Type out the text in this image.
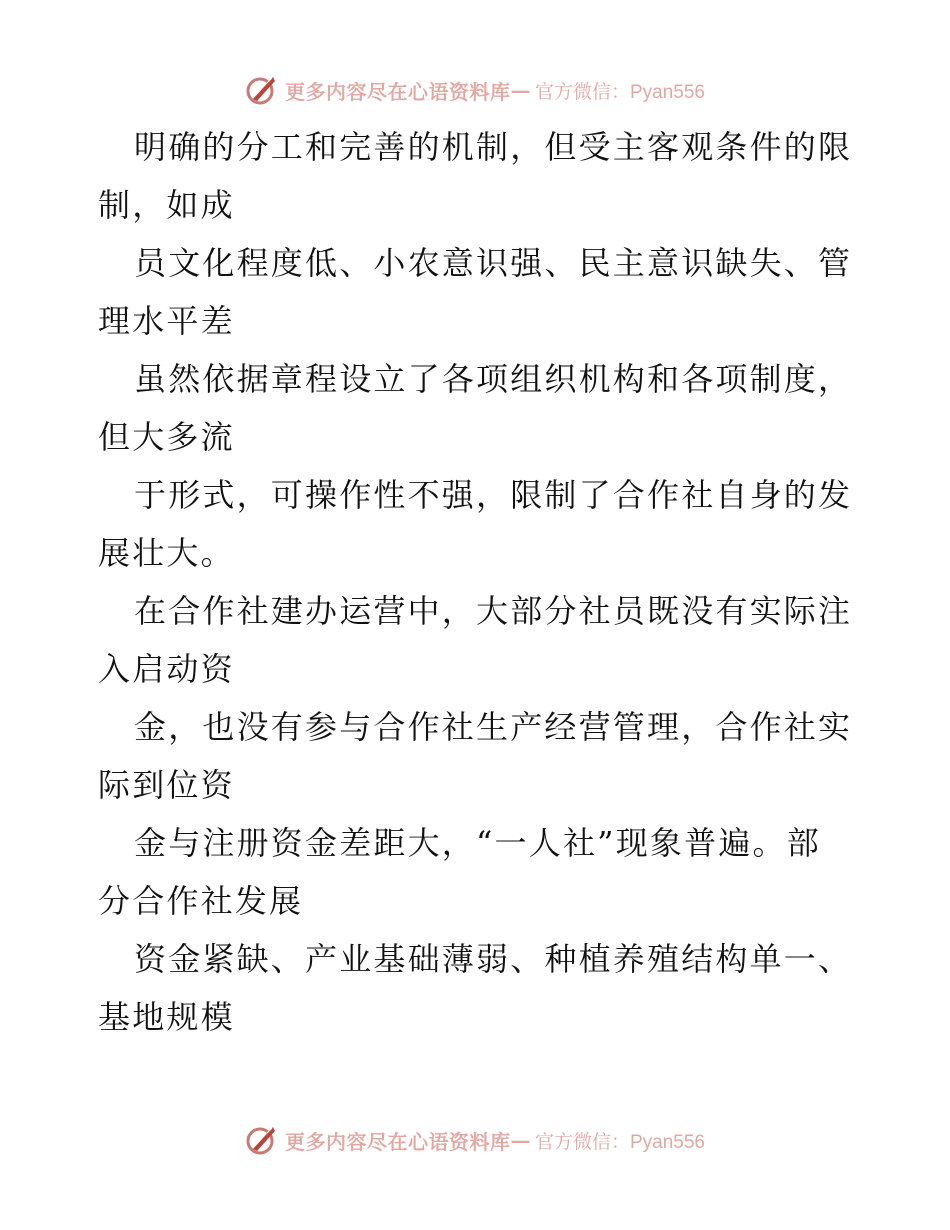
更多内容尽在心语资料库 — 官方微信：Pyan556

明确的分工和完善的机制，但受主客观条件的限
制，如成

员文化程度低、小农意识强、民主意识缺失、管
理水平差

虽然依据章程设立了各项组织机构和各项制度，
但大多流

于形式，可操作性不强，限制了合作社自身的发
展壮大。

在合作社建办运营中，大部分社员既没有实际注
入启动资

金，也没有参与合作社生产经营管理，合作社实
际到位资

金与注册资金差距大，“一人社”现象普遍。部
分合作社发展

资金紧缺、产业基础薄弱、种植养殖结构单一、
基地规模

更多内容尽在心语资料库 — 官方微信：Pyan556
